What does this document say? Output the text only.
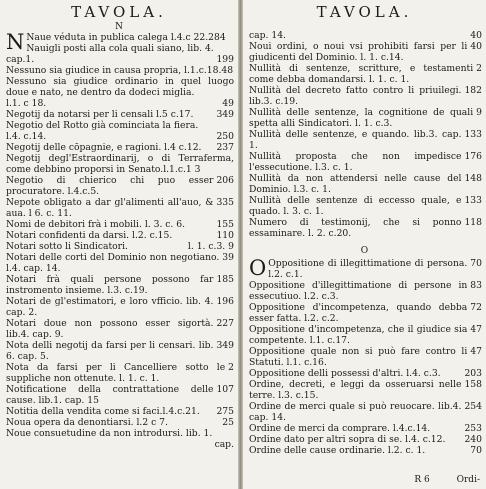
TAVOLA.
N
N Naue véduta in publica calega l.4.c 22.284
Nauigli posti alla cola quali siano, lib. 4.
199
cap.1.
Nessuno sia giudice in causa propria, l.1.c.18.48
Nessuno sia giudice ordinario in quel luogo doue e nato, ne dentro da dodeci miglia.
49
l.1. c 18.
349
Negotij da notarsi per li censali l.5 c.17.
Negotio del Rotto già cominciata la fiera.
250
l.4. c.14.
237
Negotij delle cōpagnie, e ragioni. l.4 c.12.
Negotij degl'Estraordinarij, o di Terraferma, come debbino proporsi in Senato.l.1.c.1 3
206
Negotio di chierico chi puo esser procuratore. l.4.c.5.
335
Nepote obligato a dar gl'alimenti all'auo, & aua. l 6. c. 11.
155
Nomi de debitori frà i mobili. l. 3. c. 6.
110
Notari confidenti da darsi. l.2. c.15.
l. 1. c.3. 9
Notari sotto li Sindicatori.
39
Notari delle corti del Dominio non negotiano. l.4. cap. 14.
185
Notari frà quali persone possono far instromento insieme. l.3. c.19.
196
Notari de gl'estimatori, e loro vfficio. lib. 4. cap. 2.
227
Notari doue non possono esser sigortà. lib.4. cap. 9.
349
Nota delli negotij da farsi per li censari. lib. 6. cap. 5.
2
Nota da farsi per li Cancelliere sotto le suppliche non ottenute. l. 1. c. 1.
107
Notificatione della contrattatione delle cause. lib.1. cap. 15
275
Notitia della vendita come si faci.l.4.c.21.
25
Noua opera da denontiarsi. l.2 c 7.
Noue consuetudine da non introdursi. lib. 1.
cap.
TAVOLA.
40
cap. 14.
40
Noui ordini, o noui vsi prohibiti farsi per li giudicenti del Dominio. l. 1. c.14.
2
Nullità di sentenze, scritture, e testamenti come debba domandarsi. l. 1. c. 1.
182
Nullità del decreto fatto contro li priuilegi. lib.3. c.19.
9
Nullità delle sentenze, la cognitione de quali spetta alli Sindicatori. l. 1. c.3.
133
Nullità delle sentenze, e quando. lib.3. cap. 1.
176
Nullità proposta che non impedisce l'essecutione. l.3. c. 1.
148
Nullità da non attendersi nelle cause del Dominio. l.3. c. 1.
133
Nullità delle sentenze di eccesso quale, e quado. l. 3. c. 1.
118
Numero di testimonij, che si ponno essaminare. l. 2. c.20.
O
O	70
Oppositione di illegittimatione di persona. l.2. c.1.
83
Oppositione d'illegittimatione di persone in essecutiuo. l.2. c.3.
72
Oppositione d'incompetenza, quando debba esser fatta. l.2. c.2.
47
Oppositione d'incompetenza, che il giudice sia competente. l.1. c.17.
47
Oppositione quale non si può fare contro li Statuti. l.1. c.16.
203
Oppositione delli possessi d'altri. l.4. c.3.
158
Ordine, decreti, e leggi da osseruarsi nelle terre. l.3. c.15.
254
Ordine de merci quale si può reuocare. lib.4. cap. 14.
253
Ordine de merci da comprare. l.4.c.14.
240
Ordine dato per altri sopra di se. l.4. c.12.
70
Ordine delle cause ordinarie. l.2. c. 1.
R 6	Ordi-
